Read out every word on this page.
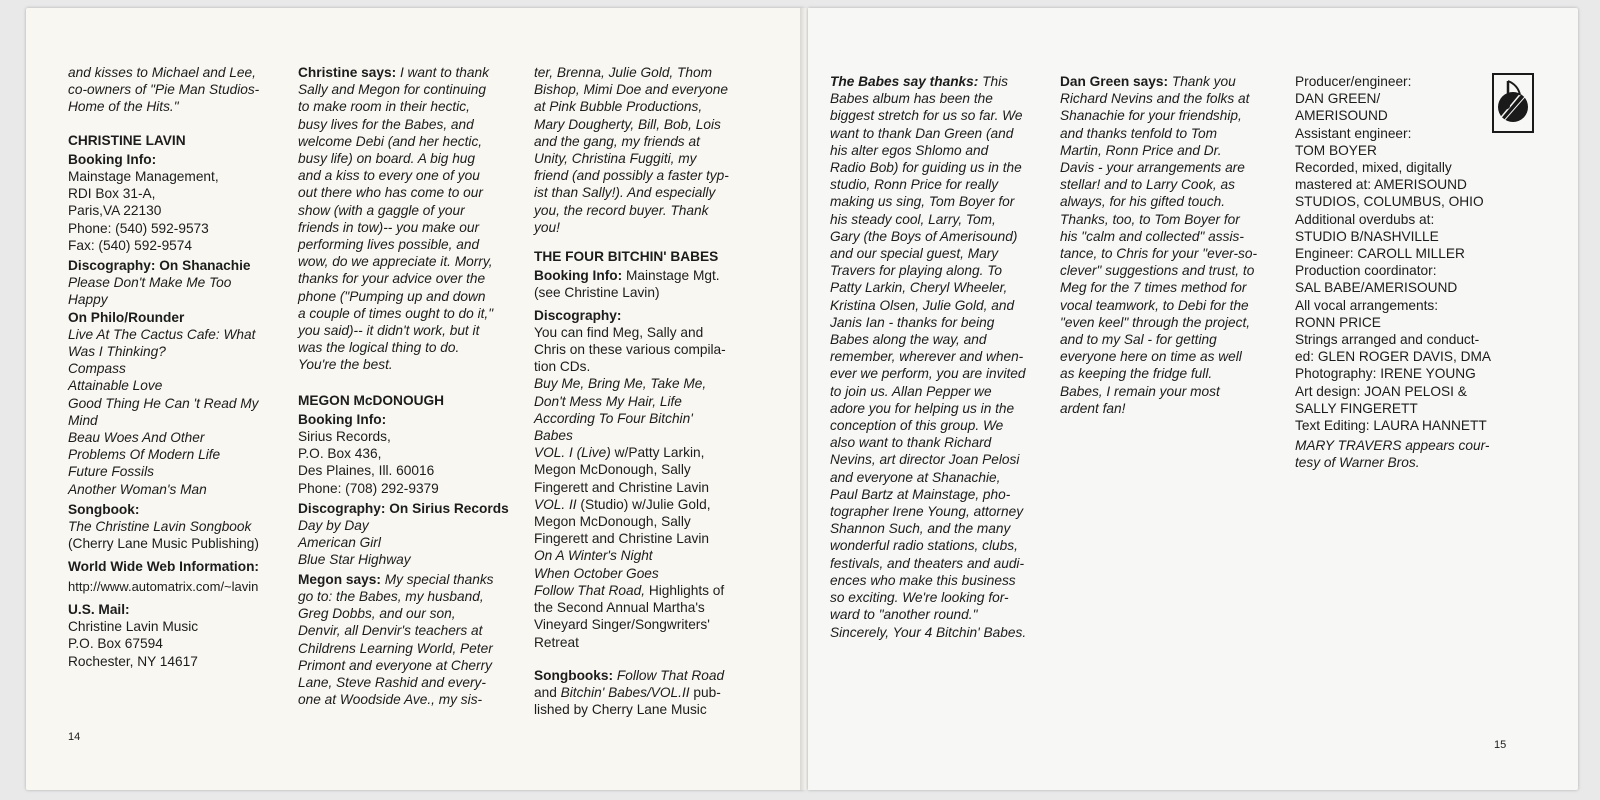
and kisses to Michael and Lee,

co-owners of "Pie Man Studios-

Home of the Hits."

CHRISTINE LAVIN

Booking Info:

Mainstage Management,

RDI Box 31-A,

Paris,VA 22130

Phone: (540) 592-9573

Fax: (540) 592-9574

Discography: On Shanachie

Please Don't Make Me Too

Happy

On Philo/Rounder

Live At The Cactus Cafe: What

Was I Thinking?

Compass

Attainable Love

Good Thing He Can 't Read My

Mind

Beau Woes And Other

Problems Of Modern Life

Future Fossils

Another Woman's Man

Songbook:

The Christine Lavin Songbook

(Cherry Lane Music Publishing)

World Wide Web Information:

http://www.automatrix.com/~lavin

U.S. Mail:

Christine Lavin Music

P.O. Box 67594

Rochester, NY 14617

Christine says: I want to thank

Sally and Megon for continuing

to make room in their hectic,

busy lives for the Babes, and

welcome Debi (and her hectic,

busy life) on board. A big hug

and a kiss to every one of you

out there who has come to our

show (with a gaggle of your

friends in tow)-- you make our

performing lives possible, and

wow, do we appreciate it. Morry,

thanks for your advice over the

phone ("Pumping up and down

a couple of times ought to do it,"

you said)-- it didn't work, but it

was the logical thing to do.

You're the best.

MEGON McDONOUGH

Booking Info:

Sirius Records,

P.O. Box 436,

Des Plaines, Ill. 60016

Phone: (708) 292-9379

Discography: On Sirius Records

Day by Day

American Girl

Blue Star Highway

Megon says: My special thanks

go to: the Babes, my husband,

Greg Dobbs, and our son,

Denvir, all Denvir's teachers at

Childrens Learning World, Peter

Primont and everyone at Cherry

Lane, Steve Rashid and every-

one at Woodside Ave., my sis-

ter, Brenna, Julie Gold, Thom

Bishop, Mimi Doe and everyone

at Pink Bubble Productions,

Mary Dougherty, Bill, Bob, Lois

and the gang, my friends at

Unity, Christina Fuggiti, my

friend (and possibly a faster typ-

ist than Sally!). And especially

you, the record buyer. Thank

you!

THE FOUR BITCHIN' BABES

Booking Info: Mainstage Mgt.

(see Christine Lavin)

Discography:

You can find Meg, Sally and

Chris on these various compila-

tion CDs.

Buy Me, Bring Me, Take Me,

Don't Mess My Hair, Life

According To Four Bitchin'

Babes

VOL. I (Live) w/Patty Larkin,

Megon McDonough, Sally

Fingerett and Christine Lavin

VOL. II (Studio) w/Julie Gold,

Megon McDonough, Sally

Fingerett and Christine Lavin

On A Winter's Night

When October Goes

Follow That Road, Highlights of

the Second Annual Martha's

Vineyard Singer/Songwriters'

Retreat

Songbooks: Follow That Road

and Bitchin' Babes/VOL.II pub-

lished by Cherry Lane Music

14

The Babes say thanks: This

Babes album has been the

biggest stretch for us so far. We

want to thank Dan Green (and

his alter egos Shlomo and

Radio Bob) for guiding us in the

studio, Ronn Price for really

making us sing, Tom Boyer for

his steady cool, Larry, Tom,

Gary (the Boys of Amerisound)

and our special guest, Mary

Travers for playing along. To

Patty Larkin, Cheryl Wheeler,

Kristina Olsen, Julie Gold, and

Janis Ian - thanks for being

Babes along the way, and

remember, wherever and when-

ever we perform, you are invited

to join us. Allan Pepper we

adore you for helping us in the

conception of this group. We

also want to thank Richard

Nevins, art director Joan Pelosi

and everyone at Shanachie,

Paul Bartz at Mainstage, pho-

tographer Irene Young, attorney

Shannon Such, and the many

wonderful radio stations, clubs,

festivals, and theaters and audi-

ences who make this business

so exciting. We're looking for-

ward to "another round."

Sincerely, Your 4 Bitchin' Babes.

Dan Green says: Thank you

Richard Nevins and the folks at

Shanachie for your friendship,

and thanks tenfold to Tom

Martin, Ronn Price and Dr.

Davis - your arrangements are

stellar! and to Larry Cook, as

always, for his gifted touch.

Thanks, too, to Tom Boyer for

his "calm and collected" assis-

tance, to Chris for your "ever-so-

clever" suggestions and trust, to

Meg for the 7 times method for

vocal teamwork, to Debi for the

"even keel" through the project,

and to my Sal - for getting

everyone here on time as well

as keeping the fridge full.

Babes, I remain your most

ardent fan!

Producer/engineer:

DAN GREEN/

AMERISOUND

Assistant engineer:

TOM BOYER

Recorded, mixed, digitally

mastered at: AMERISOUND

STUDIOS, COLUMBUS, OHIO

Additional overdubs at:

STUDIO B/NASHVILLE

Engineer: CAROLL MILLER

Production coordinator:

SAL BABE/AMERISOUND

All vocal arrangements:

RONN PRICE

Strings arranged and conduct-

ed: GLEN ROGER DAVIS, DMA

Photography: IRENE YOUNG

Art design: JOAN PELOSI &

SALLY FINGERETT

Text Editing: LAURA HANNETT

MARY TRAVERS appears cour-

tesy of Warner Bros.

15
